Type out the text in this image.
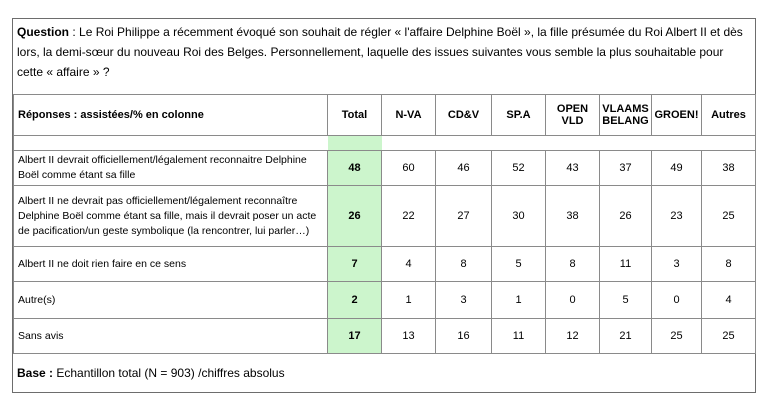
Question : Le Roi Philippe a récemment évoqué son souhait de régler « l'affaire Delphine Boël », la fille présumée du Roi Albert II et dès lors, la demi-sœur du nouveau Roi des Belges. Personnellement, laquelle des issues suivantes vous semble la plus souhaitable pour cette « affaire » ?
Réponses : assistées/% en colonne	Total	N-VA	CD&V	SP.A	OPEN VLD	VLAAMS BELANG	GROEN!	Autres

Albert II devrait officiellement/légalement reconnaitre Delphine Boël comme étant sa fille	48	60	46	52	43	37	49	38
Albert II ne devrait pas officiellement/légalement reconnaître Delphine Boël comme étant sa fille, mais il devrait poser un acte de pacification/un geste symbolique (la rencontrer, lui parler…)	26	22	27	30	38	26	23	25
Albert II ne doit rien faire en ce sens	7	4	8	5	8	11	3	8
Autre(s)	2	1	3	1	0	5	0	4
Sans avis	17	13	16	11	12	21	25	25
Base : Echantillon total (N = 903) /chiffres absolus
